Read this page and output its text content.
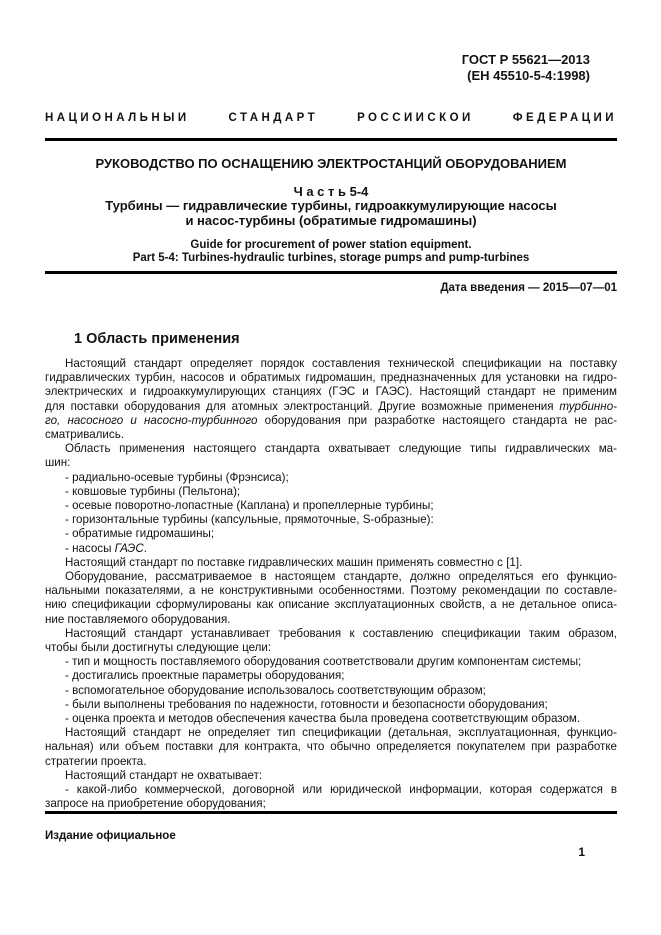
ГОСТ Р 55621—2013
(ЕН 45510-5-4:1998)
НАЦИОНАЛЬНЫЙ СТАНДАРТ РОССИЙСКОЙ ФЕДЕРАЦИИ
РУКОВОДСТВО ПО ОСНАЩЕНИЮ ЭЛЕКТРОСТАНЦИЙ ОБОРУДОВАНИЕМ
Ч а с т ь 5-4
Турбины — гидравлические турбины, гидроаккумулирующие насосы
и насос-турбины (обратимые гидромашины)
Guide for procurement of power station equipment.
Part 5-4: Turbines-hydraulic turbines, storage pumps and pump-turbines
Дата введения — 2015—07—01
1 Область применения
Настоящий стандарт определяет порядок составления технической спецификации на поставку
гидравлических турбин, насосов и обратимых гидромашин, предназначенных для установки на гидро-
электрических и гидроаккумулирующих станциях (ГЭС и ГАЭС). Настоящий стандарт не применим
для поставки оборудования для атомных электростанций. Другие возможные применения турбинно-
го, насосного и насосно-турбинного оборудования при разработке настоящего стандарта не рас-
сматривались.
Область применения настоящего стандарта охватывает следующие типы гидравлических ма-
шин:
- радиально-осевые турбины (Фрэнсиса);
- ковшовые турбины (Пельтона);
- осевые поворотно-лопастные (Каплана) и пропеллерные турбины;
- горизонтальные турбины (капсульные, прямоточные, S-образные):
- обратимые гидромашины;
- насосы ГАЭС.
Настоящий стандарт по поставке гидравлических машин применять совместно с [1].
Оборудование, рассматриваемое в настоящем стандарте, должно определяться его функцио-
нальными показателями, а не конструктивными особенностями. Поэтому рекомендации по составле-
нию спецификации сформулированы как описание эксплуатационных свойств, а не детальное описа-
ние поставляемого оборудования.
Настоящий стандарт устанавливает требования к составлению спецификации таким образом,
чтобы были достигнуты следующие цели:
- тип и мощность поставляемого оборудования соответствовали другим компонентам системы;
- достигались проектные параметры оборудования;
- вспомогательное оборудование использовалось соответствующим образом;
- были выполнены требования по надежности, готовности и безопасности оборудования;
- оценка проекта и методов обеспечения качества была проведена соответствующим образом.
Настоящий стандарт не определяет тип спецификации (детальная, эксплуатационная, функцио-
нальная) или объем поставки для контракта, что обычно определяется покупателем при разработке
стратегии проекта.
Настоящий стандарт не охватывает:
- какой-либо коммерческой, договорной или юридической информации, которая содержатся в
запросе на приобретение оборудования;
Издание официальное
1
